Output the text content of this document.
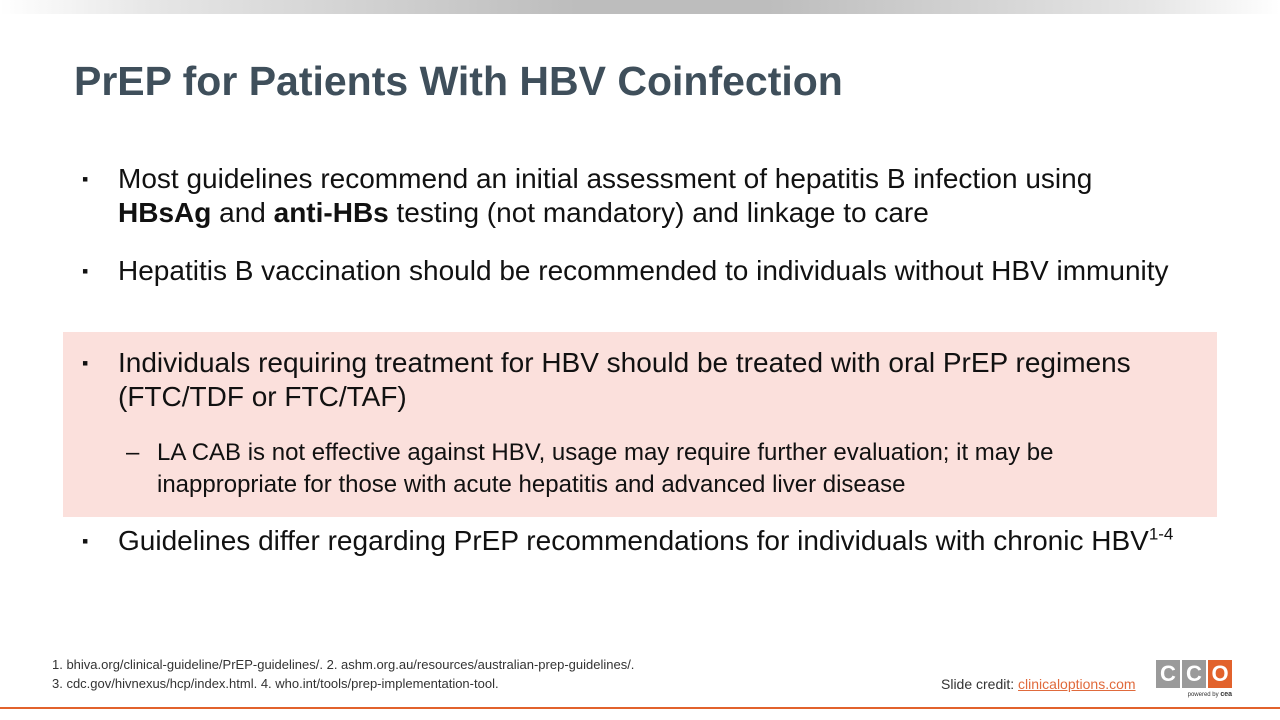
PrEP for Patients With HBV Coinfection
▪	Most guidelines recommend an initial assessment of hepatitis B infection using HBsAg and anti-HBs testing (not mandatory) and linkage to care
▪	Hepatitis B vaccination should be recommended to individuals without HBV immunity
▪	Individuals requiring treatment for HBV should be treated with oral PrEP regimens (FTC/TDF or FTC/TAF)
– LA CAB is not effective against HBV, usage may require further evaluation; it may be inappropriate for those with acute hepatitis and advanced liver disease
▪	Guidelines differ regarding PrEP recommendations for individuals with chronic HBV$^{1-4}$
1. bhiva.org/clinical-guideline/PrEP-guidelines/. 2. ashm.org.au/resources/australian-prep-guidelines/.
3. cdc.gov/hivnexus/hcp/index.html. 4. who.int/tools/prep-implementation-tool.	Slide credit: clinicaloptions.com C C O
powered by cea
